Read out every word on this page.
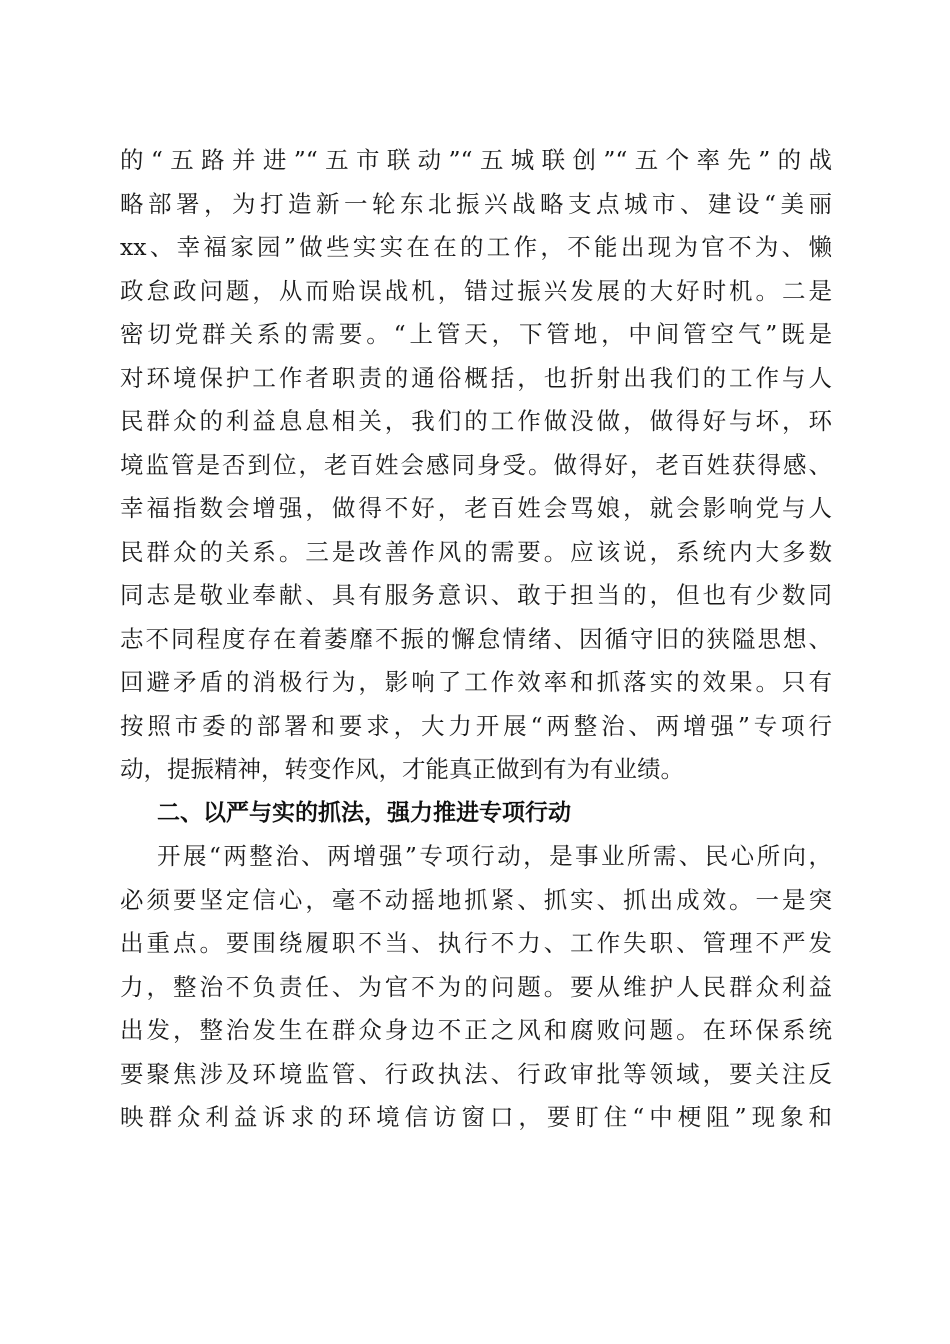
的“五路并进”“五市联动”“五城联创”“五个率先”的战
略部署，为打造新一轮东北振兴战略支点城市、建设“美丽
xx、幸福家园”做些实实在在的工作，不能出现为官不为、懒
政怠政问题，从而贻误战机，错过振兴发展的大好时机。二是
密切党群关系的需要。“上管天，下管地，中间管空气”既是
对环境保护工作者职责的通俗概括，也折射出我们的工作与人
民群众的利益息息相关，我们的工作做没做，做得好与坏，环
境监管是否到位，老百姓会感同身受。做得好，老百姓获得感、
幸福指数会增强，做得不好，老百姓会骂娘，就会影响党与人
民群众的关系。三是改善作风的需要。应该说，系统内大多数
同志是敬业奉献、具有服务意识、敢于担当的，但也有少数同
志不同程度存在着萎靡不振的懈怠情绪、因循守旧的狭隘思想、
回避矛盾的消极行为，影响了工作效率和抓落实的效果。只有
按照市委的部署和要求，大力开展“两整治、两增强”专项行
动，提振精神，转变作风，才能真正做到有为有业绩。
二、以严与实的抓法，强力推进专项行动
开展“两整治、两增强”专项行动，是事业所需、民心所向，
必须要坚定信心，毫不动摇地抓紧、抓实、抓出成效。一是突
出重点。要围绕履职不当、执行不力、工作失职、管理不严发
力，整治不负责任、为官不为的问题。要从维护人民群众利益
出发，整治发生在群众身边不正之风和腐败问题。在环保系统
要聚焦涉及环境监管、行政执法、行政审批等领域，要关注反
映群众利益诉求的环境信访窗口，要盯住“中梗阻”现象和
